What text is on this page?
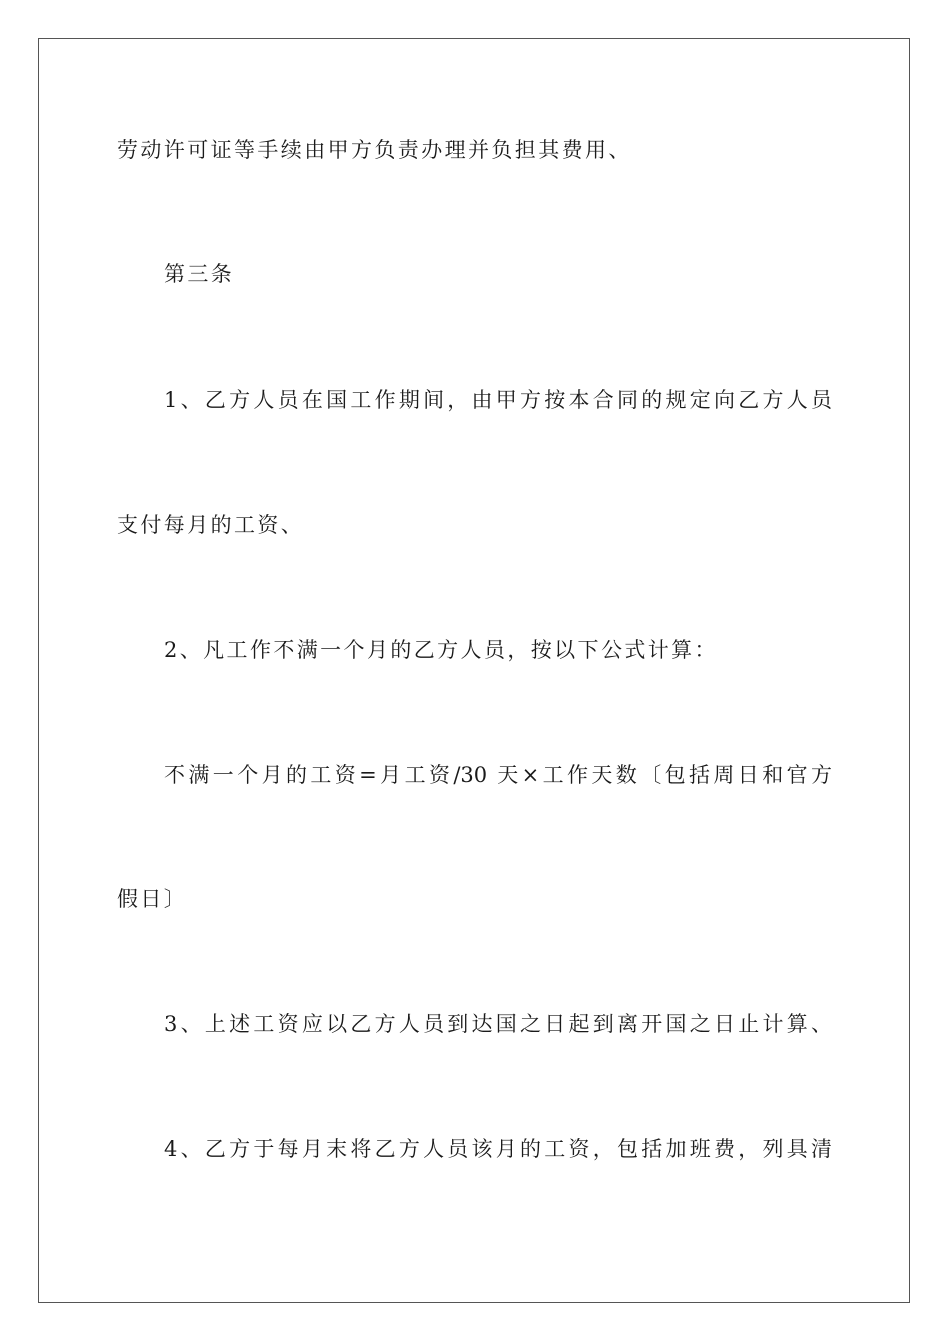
劳动许可证等手续由甲方负责办理并负担其费用、

第三条

1、乙方人员在国工作期间，由甲方按本合同的规定向乙方人员

支付每月的工资、

2、凡工作不满一个月的乙方人员，按以下公式计算：

不满一个月的工资=月工资/30 天×工作天数〔包括周日和官方

假日〕

3、上述工资应以乙方人员到达国之日起到离开国之日止计算、

4、乙方于每月末将乙方人员该月的工资，包括加班费，列具清
